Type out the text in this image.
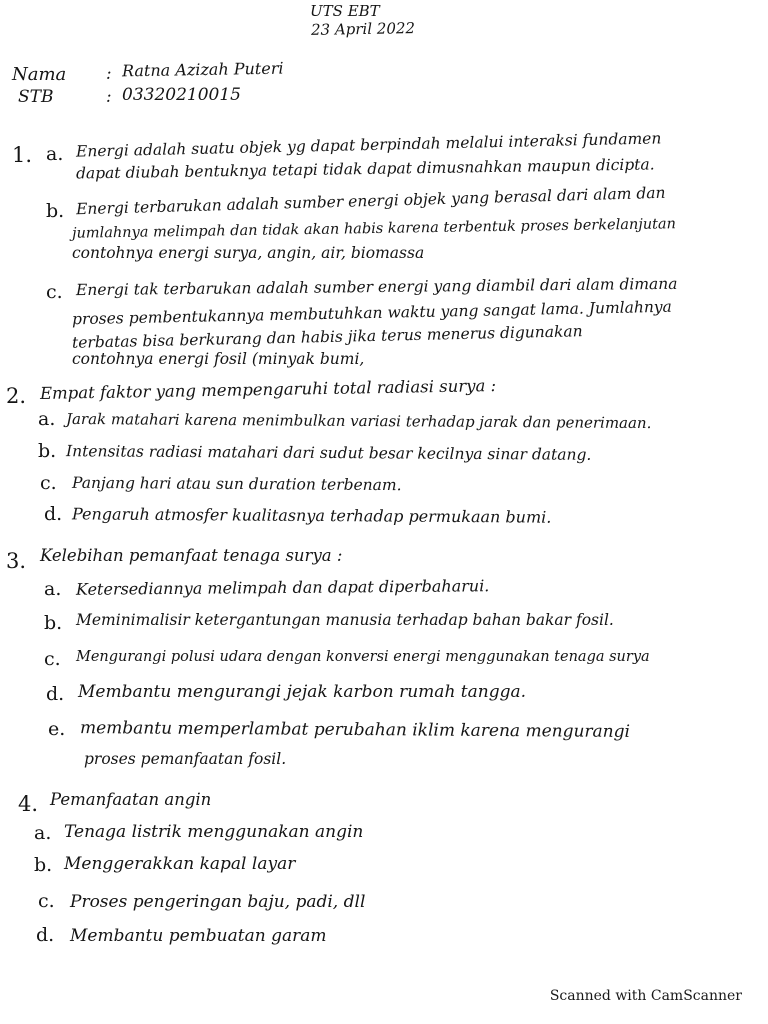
UTS EBT
23 April 2022
Nama : Ratna Azizah Puteri
STB	: 03320210015
1. a. Energi adalah suatu objek yg dapat berpindah melalui interaksi fundamen
dapat diubah bentuknya tetapi tidak dapat dimusnahkan maupun dicipta.
b. Energi terbarukan adalah sumber energi objek yang berasal dari alam dan
jumlahnya melimpah dan tidak akan habis karena terbentuk proses berkelanjutan
contohnya energi surya, angin, air, biomassa
c. Energi tak terbarukan adalah sumber energi yang diambil dari alam dimana
proses pembentukannya membutuhkan waktu yang sangat lama. Jumlahnya
terbatas bisa berkurang dan habis jika terus menerus digunakan
contohnya energi fosil (minyak bumi,
2. Empat faktor yang mempengaruhi total radiasi surya :
a. Jarak matahari karena menimbulkan variasi terhadap jarak dan penerimaan.
b. Intensitas radiasi matahari dari sudut besar kecilnya sinar datang.
c. Panjang hari atau sun duration terbenam.
d. Pengaruh atmosfer kualitasnya terhadap permukaan bumi.
3. Kelebihan pemanfaat tenaga surya :
a. Ketersediannya melimpah dan dapat diperbaharui.
b. Meminimalisir ketergantungan manusia terhadap bahan bakar fosil.
c. Mengurangi polusi udara dengan konversi energi menggunakan tenaga surya
d. Membantu mengurangi jejak karbon rumah tangga.
e. membantu memperlambat perubahan iklim karena mengurangi
proses pemanfaatan fosil.
4. Pemanfaatan angin
a. Tenaga listrik menggunakan angin
b. Menggerakkan kapal layar
c. Proses pengeringan baju, padi, dll
d. Membantu pembuatan garam
Scanned with CamScanner
